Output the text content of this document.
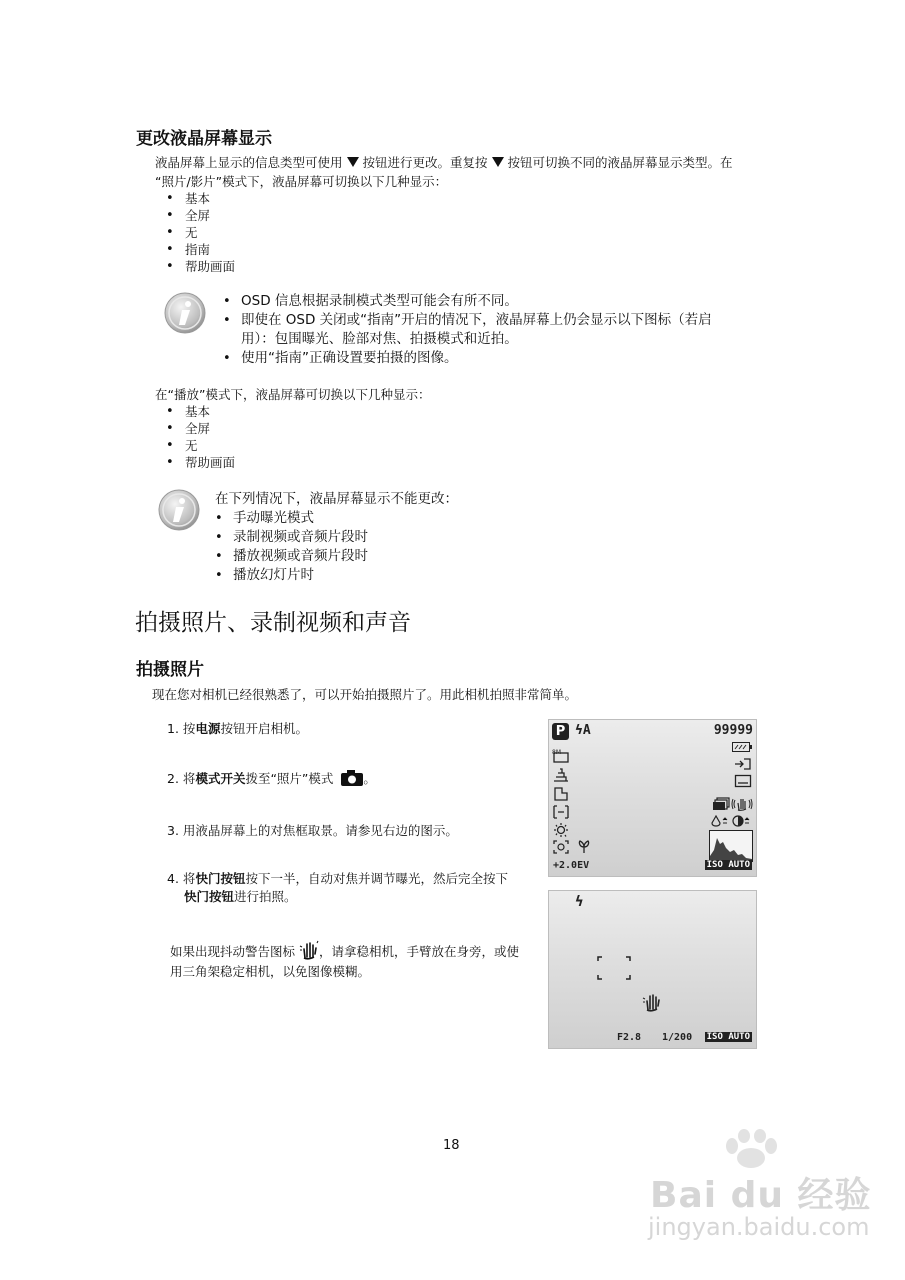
更改液晶屏幕显示
液晶屏幕上显示的信息类型可使用 按钮进行更改。重复按 按钮可切换不同的液晶屏幕显示类型。在
“照片/影片”模式下，液晶屏幕可切换以下几种显示：
• 基本
• 全屏
• 无
• 指南
• 帮助画面
• OSD 信息根据录制模式类型可能会有所不同。
• 即使在 OSD 关闭或“指南”开启的情况下，液晶屏幕上仍会显示以下图标（若启
用）：包围曝光、脸部对焦、拍摄模式和近拍。
• 使用“指南”正确设置要拍摄的图像。
在“播放”模式下，液晶屏幕可切换以下几种显示：
• 基本
• 全屏
• 无
• 帮助画面
在下列情况下，液晶屏幕显示不能更改：
• 手动曝光模式
• 录制视频或音频片段时
• 播放视频或音频片段时
• 播放幻灯片时
拍摄照片、录制视频和声音
拍摄照片
现在您对相机已经很熟悉了，可以开始拍摄照片了。用此相机拍照非常简单。
1. 按电源按钮开启相机。
2. 将模式开关拨至“照片”模式 。
3. 用液晶屏幕上的对焦框取景。请参见右边的图示。
4. 将快门按钮按下一半，自动对焦并调节曝光，然后完全按下
快门按钮进行拍照。
如果出现抖动警告图标 ，请拿稳相机，手臂放在身旁，或使
用三角架稳定相机，以免图像模糊。
P ϟA	99999
8M
+2.0EV	ISO AUTO
ϟ
F2.8 1/200 ISO AUTO
18
Bai du 经验
jingyan.baidu.com
